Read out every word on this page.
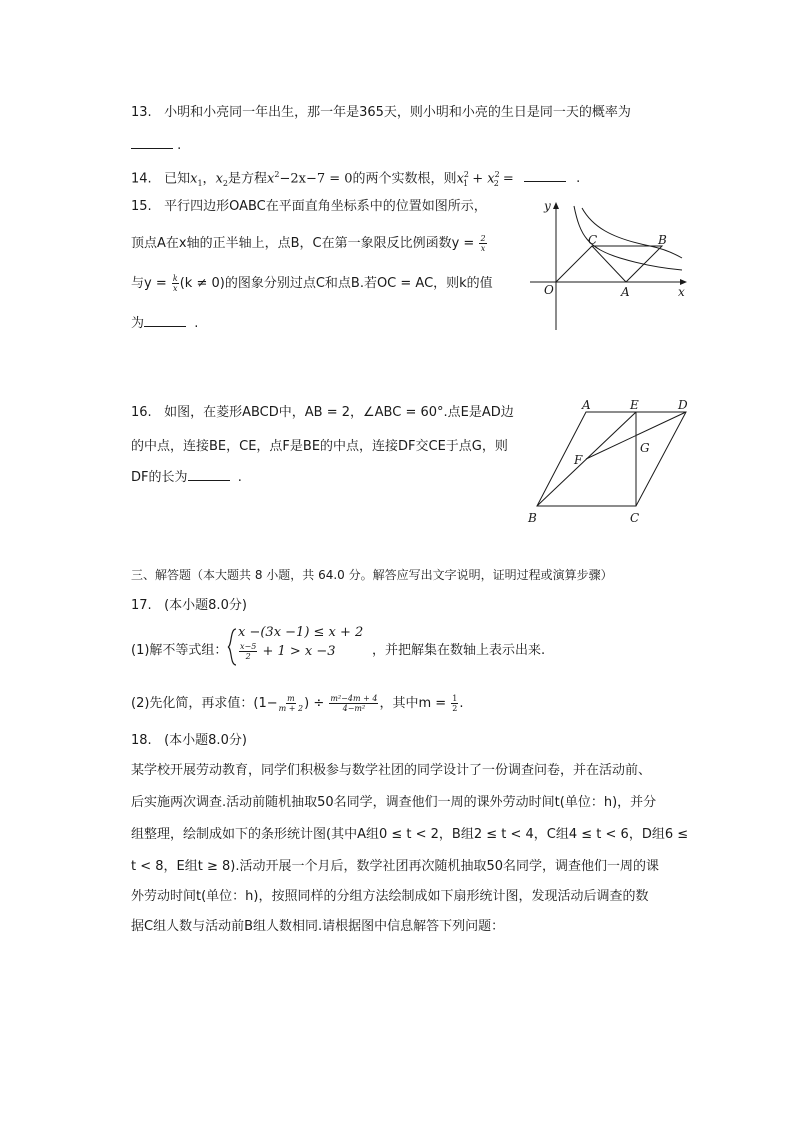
13. 小明和小亮同一年出生，那一年是365天，则小明和小亮的生日是同一天的概率为
.
14. 已知$x_1$，$x_2$是方程$x^2-2x-7 = 0$的两个实数根，则$x^2_1 + x^2_2$ =	.
15. 平行四边形OABC在平面直角坐标系中的位置如图所示，
顶点A在x轴的正半轴上，点B，C在第一象限反比例函数$y = \frac{2}{x}$
与$y = \frac{k}{x} (k \ne 0)$的图象分别过点C和点B.若OC = AC，则k的值
为	.
y
x
O	A
C	B
16. 如图，在菱形ABCD中，AB = 2，∠ABC = 60°.点E是AD边
的中点，连接BE，CE，点F是BE的中点，连接DF交CE于点G，则
DF的长为	.
A	E	D
F
G
B	C
三、解答题（本大题共 8 小题，共 64.0 分。解答应写出文字说明，证明过程或演算步骤）
17. (本小题8.0分)
(1)解不等式组：
x −(3x −1) ≤ x + 2
$\frac{x-5}{2} + 1 > x -3$	，并把解集在数轴上表示出来.
(2)先化简，再求值：($1- \frac{m}{m + 2}$ ) ÷ $\frac{\text{m²−4m + 4}}{\text{4−m²}}$ ，其中$m = \frac{1}{2}$ .
18. (本小题8.0分)
某学校开展劳动教育，同学们积极参与数学社团的同学设计了一份调查问卷，并在活动前、
后实施两次调查.活动前随机抽取50名同学，调查他们一周的课外劳动时间t(单位：h)，并分
组整理，绘制成如下的条形统计图(其中A组0 ≤ t < 2，B组2 ≤ t < 4，C组4 ≤ t < 6，D组6 ≤
t < 8，E组t ≥ 8).活动开展一个月后，数学社团再次随机抽取50名同学，调查他们一周的课
外劳动时间t(单位：h)，按照同样的分组方法绘制成如下扇形统计图，发现活动后调查的数
据C组人数与活动前B组人数相同.请根据图中信息解答下列问题：
